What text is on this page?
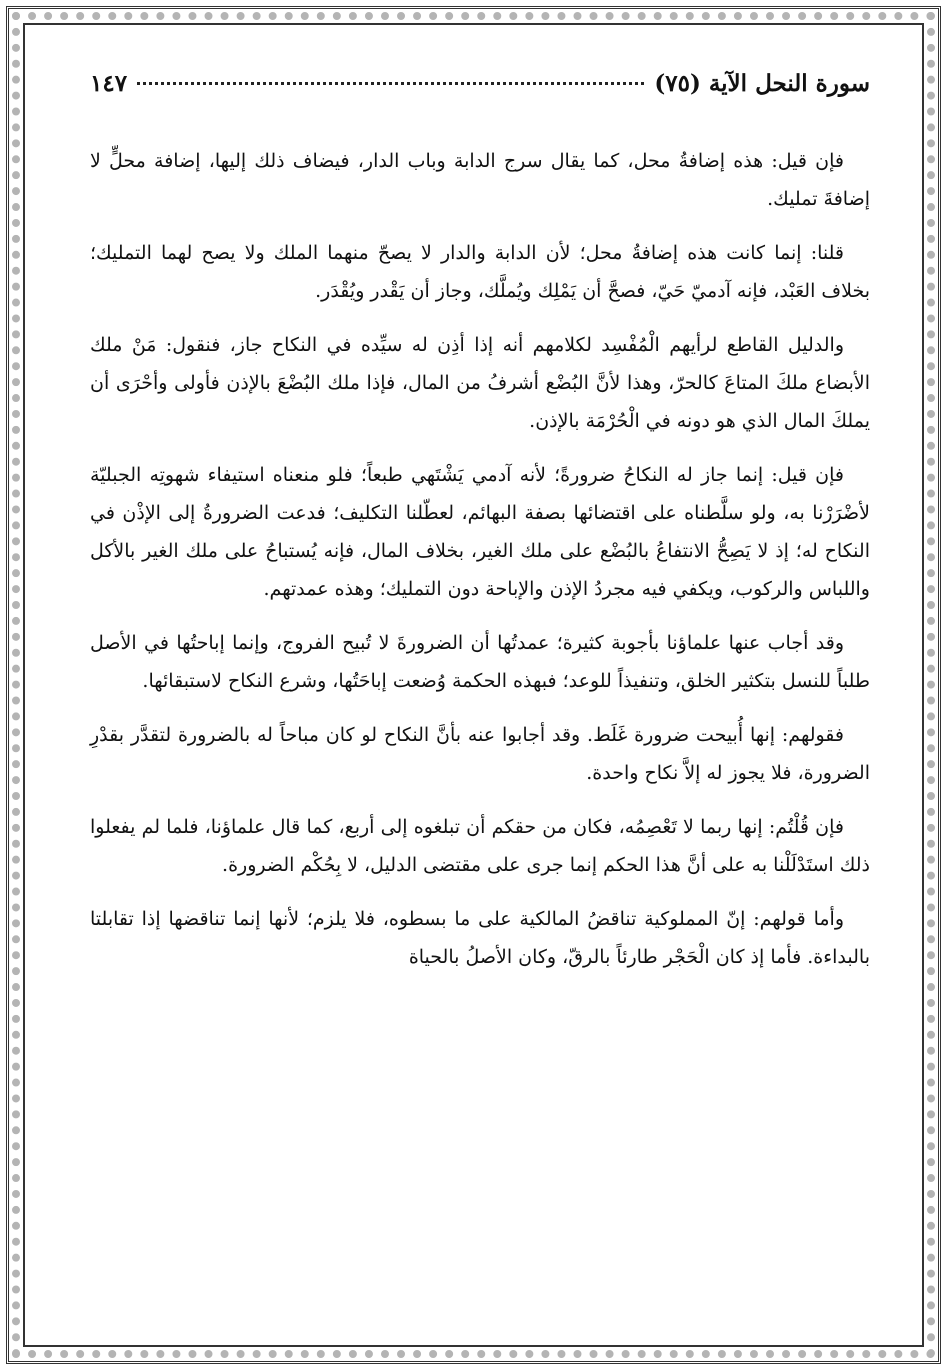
سورة النحل الآية (٧٥)
١٤٧

فإن قيل: هذه إضافةُ محل، كما يقال سرج الدابة وباب الدار، فيضاف ذلك إليها، إضافة محلٍّ لا إضافةَ تمليك.

قلنا: إنما كانت هذه إضافةُ محل؛ لأن الدابة والدار لا يصحّ منهما الملك ولا يصح لهما التمليك؛ بخلاف العَبْد، فإنه آدميّ حَيّ، فصحَّ أن يَمْلِك ويُملَّك، وجاز أن يَقْدر ويُقْدَر.

والدليل القاطع لرأيهم الْمُفْسِد لكلامهم أنه إذا أذِن له سيِّده في النكاح جاز، فنقول: مَنْ ملك الأبضاع ملكَ المتاعَ كالحرّ، وهذا لأنَّ البُضْع أشرفُ من المال، فإذا ملك البُضْعَ بالإذن فأولى وأحْرَى أن يملكَ المال الذي هو دونه في الْحُرْمَة بالإذن.

فإن قيل: إنما جاز له النكاحُ ضرورةً؛ لأنه آدمي يَشْتَهي طبعاً؛ فلو منعناه استيفاء شهوتِه الجبليّة لأضْرَرْنا به، ولو سلَّطناه على اقتضائها بصفة البهائم، لعطّلنا التكليف؛ فدعت الضرورةُ إلى الإذْن في النكاح له؛ إذ لا يَصِحُّ الانتفاعُ بالبُضْع على ملك الغير، بخلاف المال، فإنه يُستباحُ على ملك الغير بالأكل واللباس والركوب، ويكفي فيه مجردُ الإذن والإباحة دون التمليك؛ وهذه عمدتهم.

وقد أجاب عنها علماؤنا بأجوبة كثيرة؛ عمدتُها أن الضرورةَ لا تُبيح الفروج، وإنما إباحتُها في الأصل طلباً للنسل بتكثير الخلق، وتنفيذاً للوعد؛ فبهذه الحكمة وُضعت إباحَتُها، وشرع النكاح لاستبقائها.

فقولهم: إنها أُبيحت ضرورة غَلَط. وقد أجابوا عنه بأنَّ النكاح لو كان مباحاً له بالضرورة لتقدَّر بقدْرِ الضرورة، فلا يجوز له إلاَّ نكاح واحدة.

فإن قُلْتُم: إنها ربما لا تَعْصِمُه، فكان من حقكم أن تبلغوه إلى أربع، كما قال علماؤنا، فلما لم يفعلوا ذلك استَدْلَلْنا به على أنَّ هذا الحكم إنما جرى على مقتضى الدليل، لا بِحُكْم الضرورة.

وأما قولهم: إنّ المملوكية تناقضُ المالكية على ما بسطوه، فلا يلزم؛ لأنها إنما تناقضها إذا تقابلتا بالبداءة. فأما إذ كان الْحَجْر طارئاً بالرقّ، وكان الأصلُ بالحياة
